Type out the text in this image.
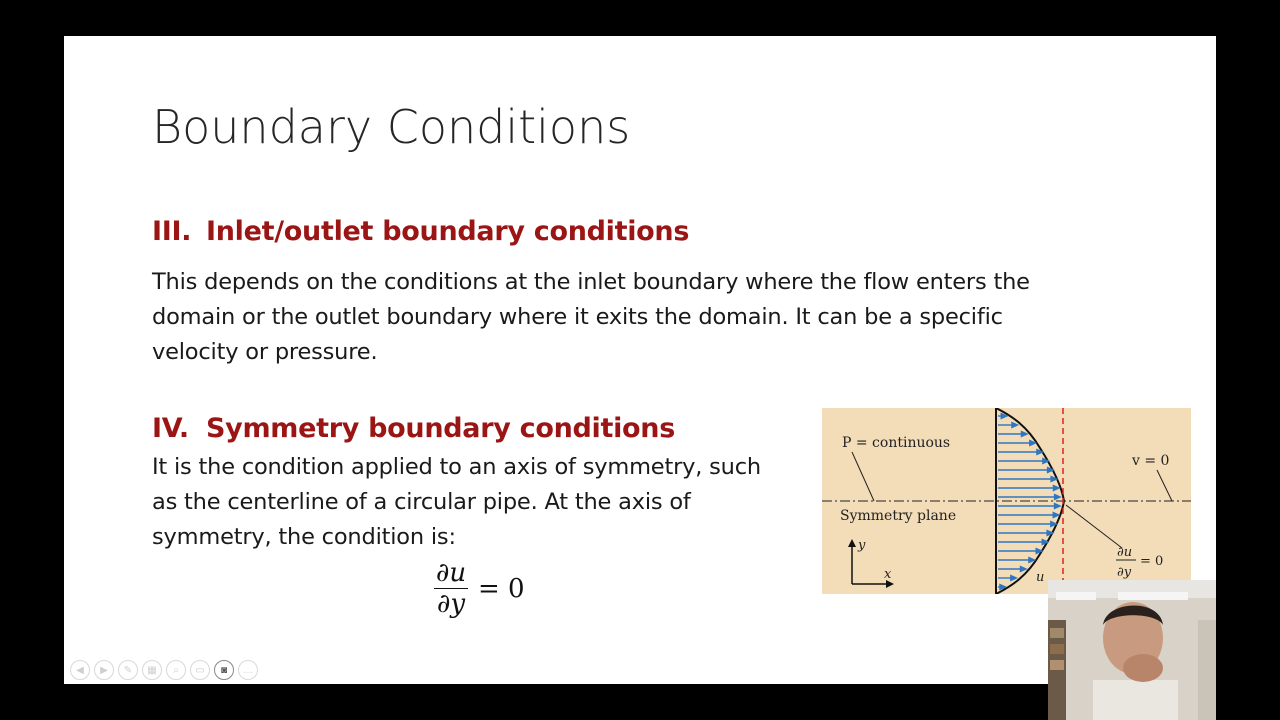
Boundary Conditions
III. Inlet/outlet boundary conditions
This depends on the conditions at the inlet boundary where the flow enters the
domain or the outlet boundary where it exits the domain. It can be a specific
velocity or pressure.
IV. Symmetry boundary conditions
It is the condition applied to an axis of symmetry, such
as the centerline of a circular pipe. At the axis of
symmetry, the condition is:
$\frac{\partial u}{\partial y} = 0$
P = continuous
Symmetry plane
v = 0
∂u
∂y
= 0
y
x	u
◀	▶	✎	▦	⌕	▭	◙	…
